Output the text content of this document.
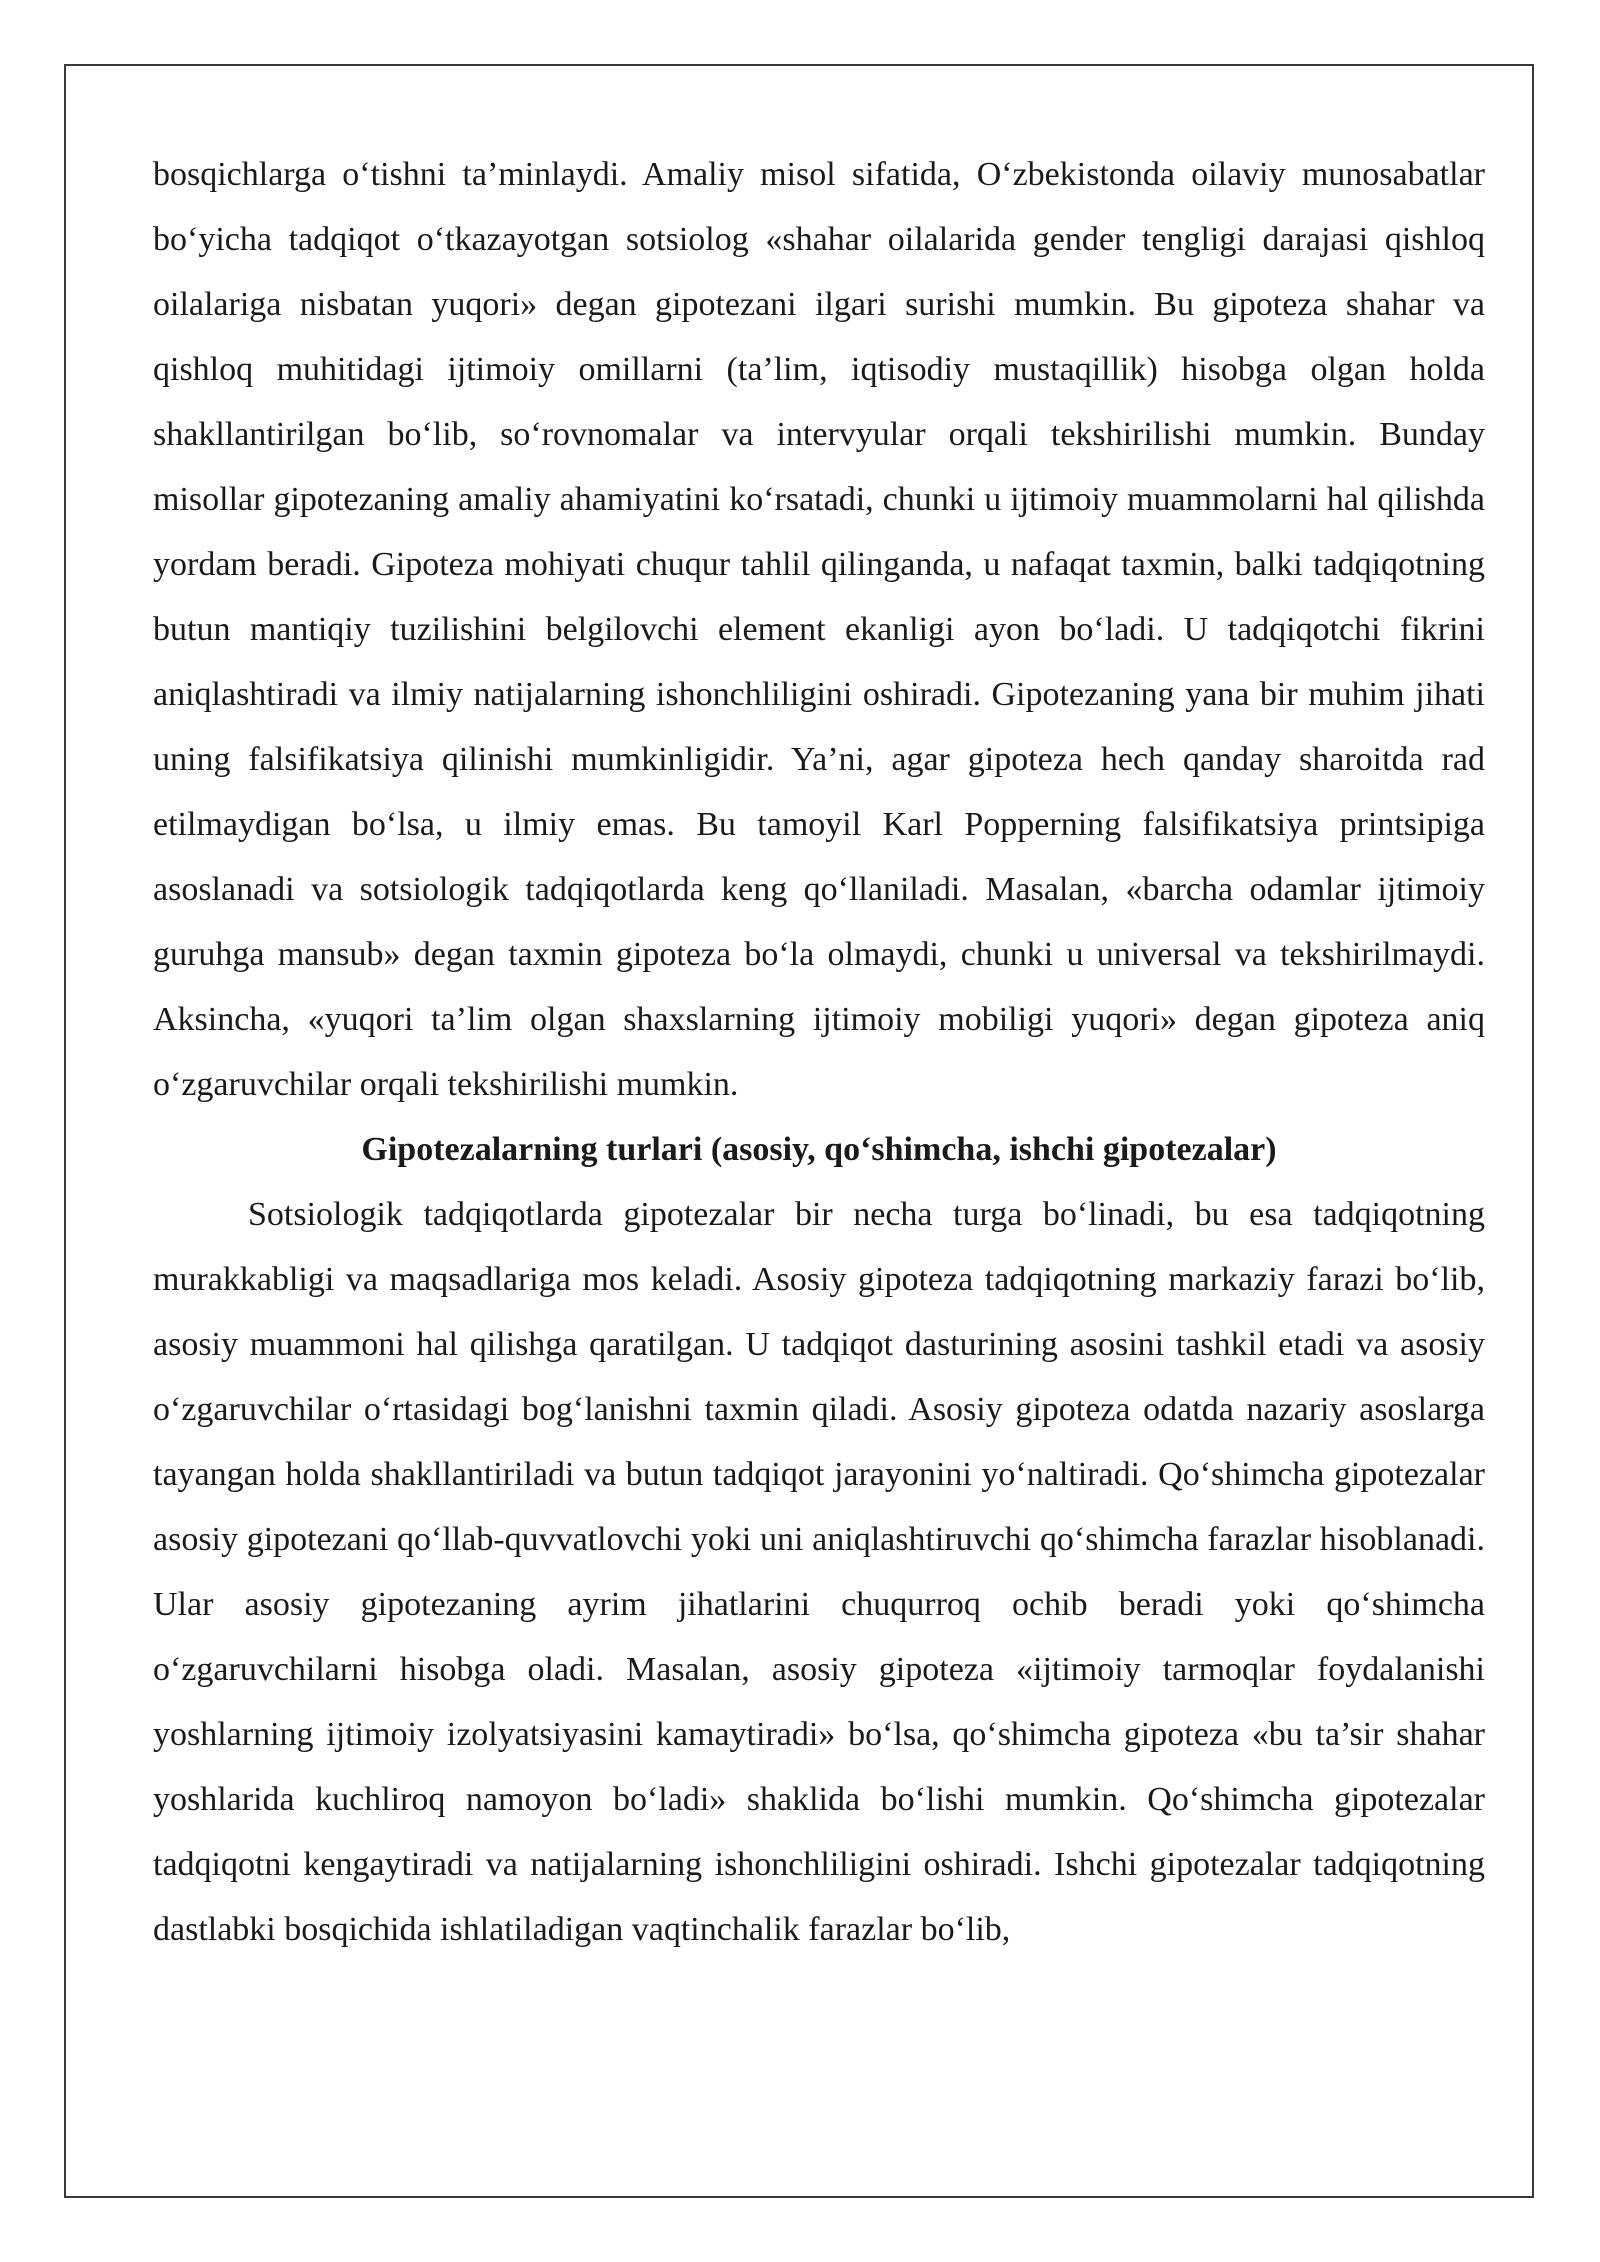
bosqichlarga o‘tishni ta’minlaydi. Amaliy misol sifatida, O‘zbekistonda oilaviy munosabatlar bo‘yicha tadqiqot o‘tkazayotgan sotsiolog «shahar oilalarida gender tengligi darajasi qishloq oilalariga nisbatan yuqori» degan gipotezani ilgari surishi mumkin. Bu gipoteza shahar va qishloq muhitidagi ijtimoiy omillarni (ta’lim, iqtisodiy mustaqillik) hisobga olgan holda shakllantirilgan bo‘lib, so‘rovnomalar va intervyular orqali tekshirilishi mumkin. Bunday misollar gipotezaning amaliy ahamiyatini ko‘rsatadi, chunki u ijtimoiy muammolarni hal qilishda yordam beradi. Gipoteza mohiyati chuqur tahlil qilinganda, u nafaqat taxmin, balki tadqiqotning butun mantiqiy tuzilishini belgilovchi element ekanligi ayon bo‘ladi. U tadqiqotchi fikrini aniqlashtiradi va ilmiy natijalarning ishonchliligini oshiradi. Gipotezaning yana bir muhim jihati uning falsifikatsiya qilinishi mumkinligidir. Ya’ni, agar gipoteza hech qanday sharoitda rad etilmaydigan bo‘lsa, u ilmiy emas. Bu tamoyil Karl Popperning falsifikatsiya printsipiga asoslanadi va sotsiologik tadqiqotlarda keng qo‘llaniladi. Masalan, «barcha odamlar ijtimoiy guruhga mansub» degan taxmin gipoteza bo‘la olmaydi, chunki u universal va tekshirilmaydi. Aksincha, «yuqori ta’lim olgan shaxslarning ijtimoiy mobiligi yuqori» degan gipoteza aniq o‘zgaruvchilar orqali tekshirilishi mumkin.

Gipotezalarning turlari (asosiy, qo‘shimcha, ishchi gipotezalar)

Sotsiologik tadqiqotlarda gipotezalar bir necha turga bo‘linadi, bu esa tadqiqotning murakkabligi va maqsadlariga mos keladi. Asosiy gipoteza tadqiqotning markaziy farazi bo‘lib, asosiy muammoni hal qilishga qaratilgan. U tadqiqot dasturining asosini tashkil etadi va asosiy o‘zgaruvchilar o‘rtasidagi bog‘lanishni taxmin qiladi. Asosiy gipoteza odatda nazariy asoslarga tayangan holda shakllantiriladi va butun tadqiqot jarayonini yo‘naltiradi. Qo‘shimcha gipotezalar asosiy gipotezani qo‘llab-quvvatlovchi yoki uni aniqlashtiruvchi qo‘shimcha farazlar hisoblanadi. Ular asosiy gipotezaning ayrim jihatlarini chuqurroq ochib beradi yoki qo‘shimcha o‘zgaruvchilarni hisobga oladi. Masalan, asosiy gipoteza «ijtimoiy tarmoqlar foydalanishi yoshlarning ijtimoiy izolyatsiyasini kamaytiradi» bo‘lsa, qo‘shimcha gipoteza «bu ta’sir shahar yoshlarida kuchliroq namoyon bo‘ladi» shaklida bo‘lishi mumkin. Qo‘shimcha gipotezalar tadqiqotni kengaytiradi va natijalarning ishonchliligini oshiradi. Ishchi gipotezalar tadqiqotning dastlabki bosqichida ishlatiladigan vaqtinchalik farazlar bo‘lib,
